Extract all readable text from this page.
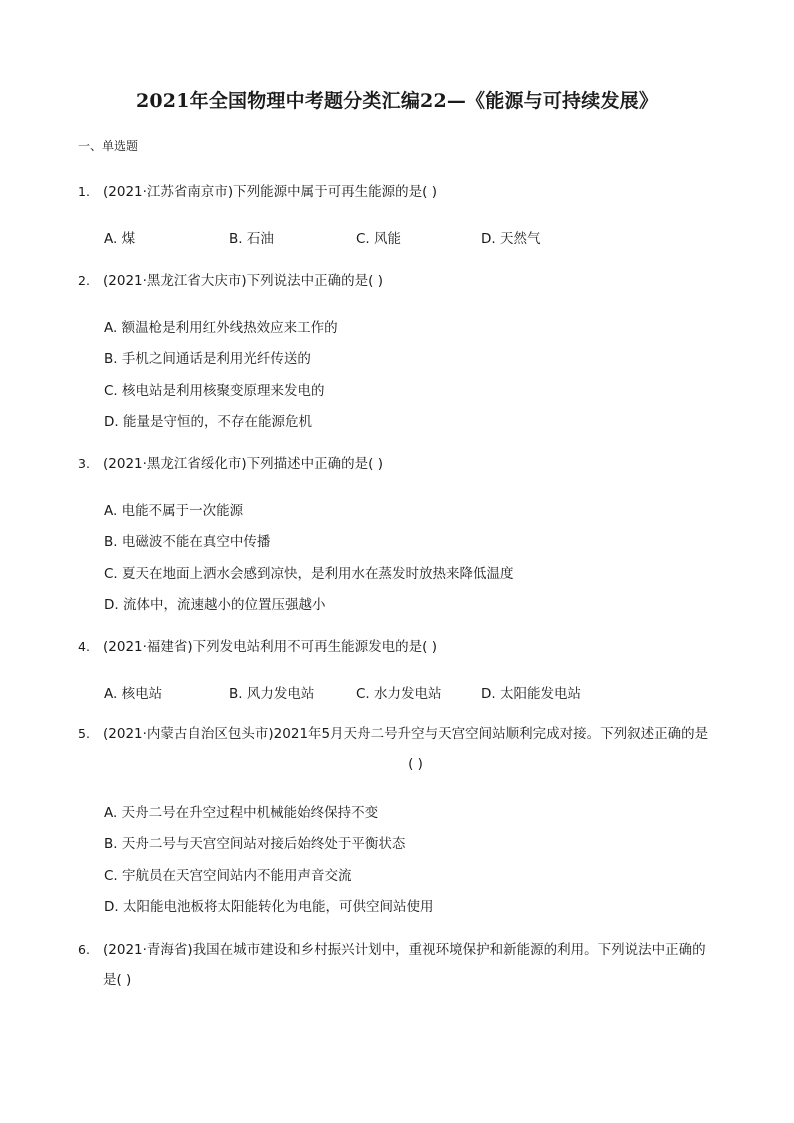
2021年全国物理中考题分类汇编22—《能源与可持续发展》
一、单选题
1. (2021·江苏省南京市)下列能源中属于可再生能源的是( )
A. 煤	B. 石油	C. 风能	D. 天然气
2. (2021·黑龙江省大庆市)下列说法中正确的是( )
A. 额温枪是利用红外线热效应来工作的
B. 手机之间通话是利用光纤传送的
C. 核电站是利用核聚变原理来发电的
D. 能量是守恒的，不存在能源危机
3. (2021·黑龙江省绥化市)下列描述中正确的是( )
A. 电能不属于一次能源
B. 电磁波不能在真空中传播
C. 夏天在地面上洒水会感到凉快，是利用水在蒸发时放热来降低温度
D. 流体中，流速越小的位置压强越小
4. (2021·福建省)下列发电站利用不可再生能源发电的是( )
A. 核电站	B. 风力发电站	C. 水力发电站	D. 太阳能发电站
5. (2021·内蒙古自治区包头市)2021年5月天舟二号升空与天宫空间站顺利完成对接。下列叙述正确的是
( )
A. 天舟二号在升空过程中机械能始终保持不变
B. 天舟二号与天宫空间站对接后始终处于平衡状态
C. 宇航员在天宫空间站内不能用声音交流
D. 太阳能电池板将太阳能转化为电能，可供空间站使用
6. (2021·青海省)我国在城市建设和乡村振兴计划中，重视环境保护和新能源的利用。下列说法中正确的
是( )
